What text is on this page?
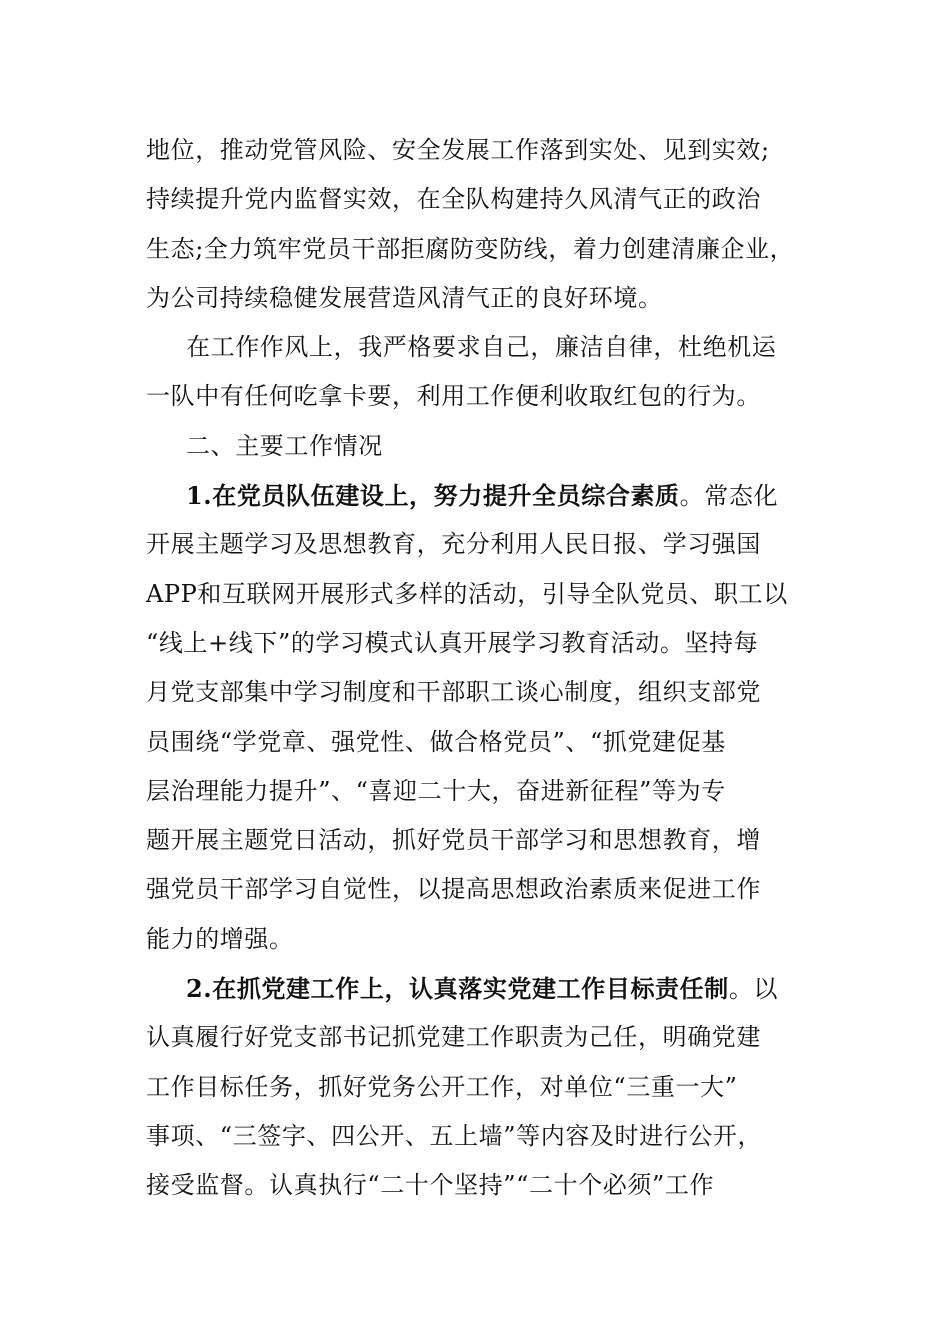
地位，推动党管风险、安全发展工作落到实处、见到实效;
持续提升党内监督实效，在全队构建持久风清气正的政治
生态;全力筑牢党员干部拒腐防变防线，着力创建清廉企业，
为公司持续稳健发展营造风清气正的良好环境。
在工作作风上，我严格要求自己，廉洁自律，杜绝机运
一队中有任何吃拿卡要，利用工作便利收取红包的行为。
二、主要工作情况
1.在党员队伍建设上，努力提升全员综合素质。常态化
开展主题学习及思想教育，充分利用人民日报、学习强国
APP和互联网开展形式多样的活动，引导全队党员、职工以
“线上+线下”的学习模式认真开展学习教育活动。坚持每
月党支部集中学习制度和干部职工谈心制度，组织支部党
员围绕“学党章、强党性、做合格党员”、“抓党建促基
层治理能力提升”、“喜迎二十大，奋进新征程”等为专
题开展主题党日活动，抓好党员干部学习和思想教育，增
强党员干部学习自觉性，以提高思想政治素质来促进工作
能力的增强。
2.在抓党建工作上，认真落实党建工作目标责任制。以
认真履行好党支部书记抓党建工作职责为己任，明确党建
工作目标任务，抓好党务公开工作，对单位“三重一大”
事项、“三签字、四公开、五上墙”等内容及时进行公开，
接受监督。认真执行“二十个坚持”“二十个必须”工作
